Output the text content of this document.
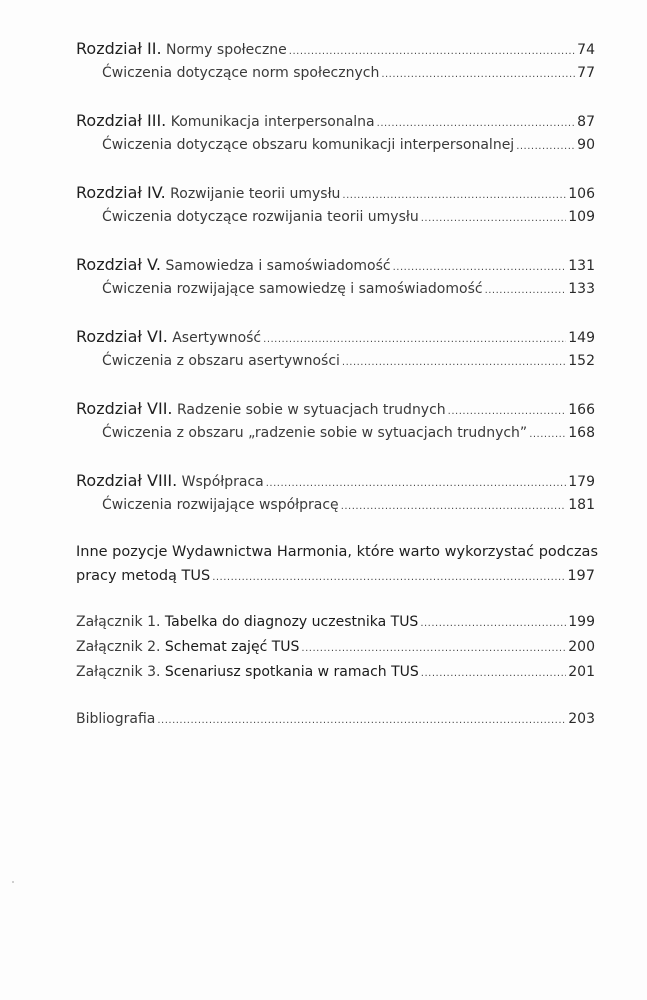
Rozdział II. Normy społeczne .....	74
Ćwiczenia dotyczące norm społecznych .....	77
Rozdział III. Komunikacja interpersonalna .....	87
Ćwiczenia dotyczące obszaru komunikacji interpersonalnej .....	90
Rozdział IV. Rozwijanie teorii umysłu .....	106
Ćwiczenia dotyczące rozwijania teorii umysłu .....	109
Rozdział V. Samowiedza i samoświadomość .....	131
Ćwiczenia rozwijające samowiedzę i samoświadomość .....	133
Rozdział VI. Asertywność .....	149
Ćwiczenia z obszaru asertywności .....	152
Rozdział VII. Radzenie sobie w sytuacjach trudnych .....	166
Ćwiczenia z obszaru „radzenie sobie w sytuacjach trudnych” .....	168
Rozdział VIII. Współpraca .....	179
Ćwiczenia rozwijające współpracę .....	181
Inne pozycje Wydawnictwa Harmonia, które warto wykorzystać podczas
pracy metodą TUS .....	197
Załącznik 1. Tabelka do diagnozy uczestnika TUS .....	199
Załącznik 2. Schemat zajęć TUS .....	200
Załącznik 3. Scenariusz spotkania w ramach TUS .....	201
Bibliografia .....	203
